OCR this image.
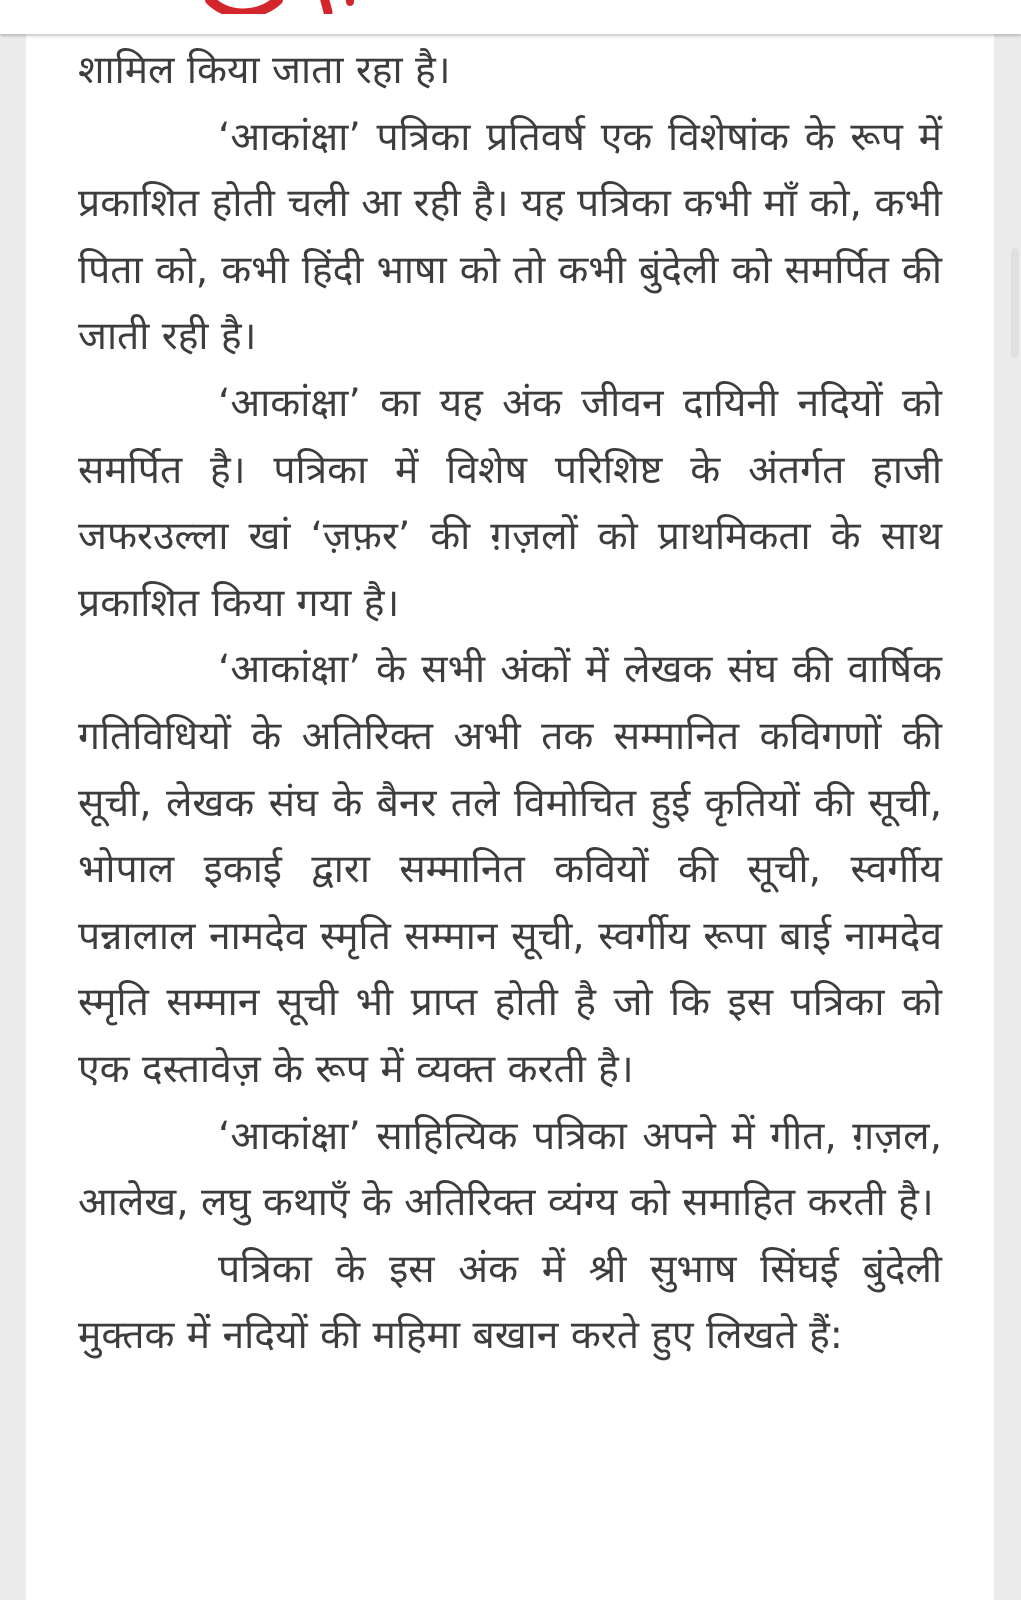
शामिल किया जाता रहा है।

‘आकांक्षा’ पत्रिका प्रतिवर्ष एक विशेषांक के रूप में प्रकाशित होती चली आ रही है। यह पत्रिका कभी माँ को, कभी पिता को, कभी हिंदी भाषा को तो कभी बुंदेली को समर्पित की जाती रही है।

‘आकांक्षा’ का यह अंक जीवन दायिनी नदियों को समर्पित है। पत्रिका में विशेष परिशिष्ट के अंतर्गत हाजी जफरउल्ला खां ‘ज़फ़र’ की ग़ज़लों को प्राथमिकता के साथ प्रकाशित किया गया है।

‘आकांक्षा’ के सभी अंकों में लेखक संघ की वार्षिक गतिविधियों के अतिरिक्त अभी तक सम्मानित कविगणों की सूची, लेखक संघ के बैनर तले विमोचित हुई कृतियों की सूची, भोपाल इकाई द्वारा सम्मानित कवियों की सूची, स्वर्गीय पन्नालाल नामदेव स्मृति सम्मान सूची, स्वर्गीय रूपा बाई नामदेव स्मृति सम्मान सूची भी प्राप्त होती है जो कि इस पत्रिका को एक दस्तावेज़ के रूप में व्यक्त करती है।

‘आकांक्षा’ साहित्यिक पत्रिका अपने में गीत, ग़ज़ल, आलेख, लघु कथाएँ के अतिरिक्त व्यंग्य को समाहित करती है।

पत्रिका के इस अंक में श्री सुभाष सिंघई बुंदेली मुक्तक में नदियों की महिमा बखान करते हुए लिखते हैं:
